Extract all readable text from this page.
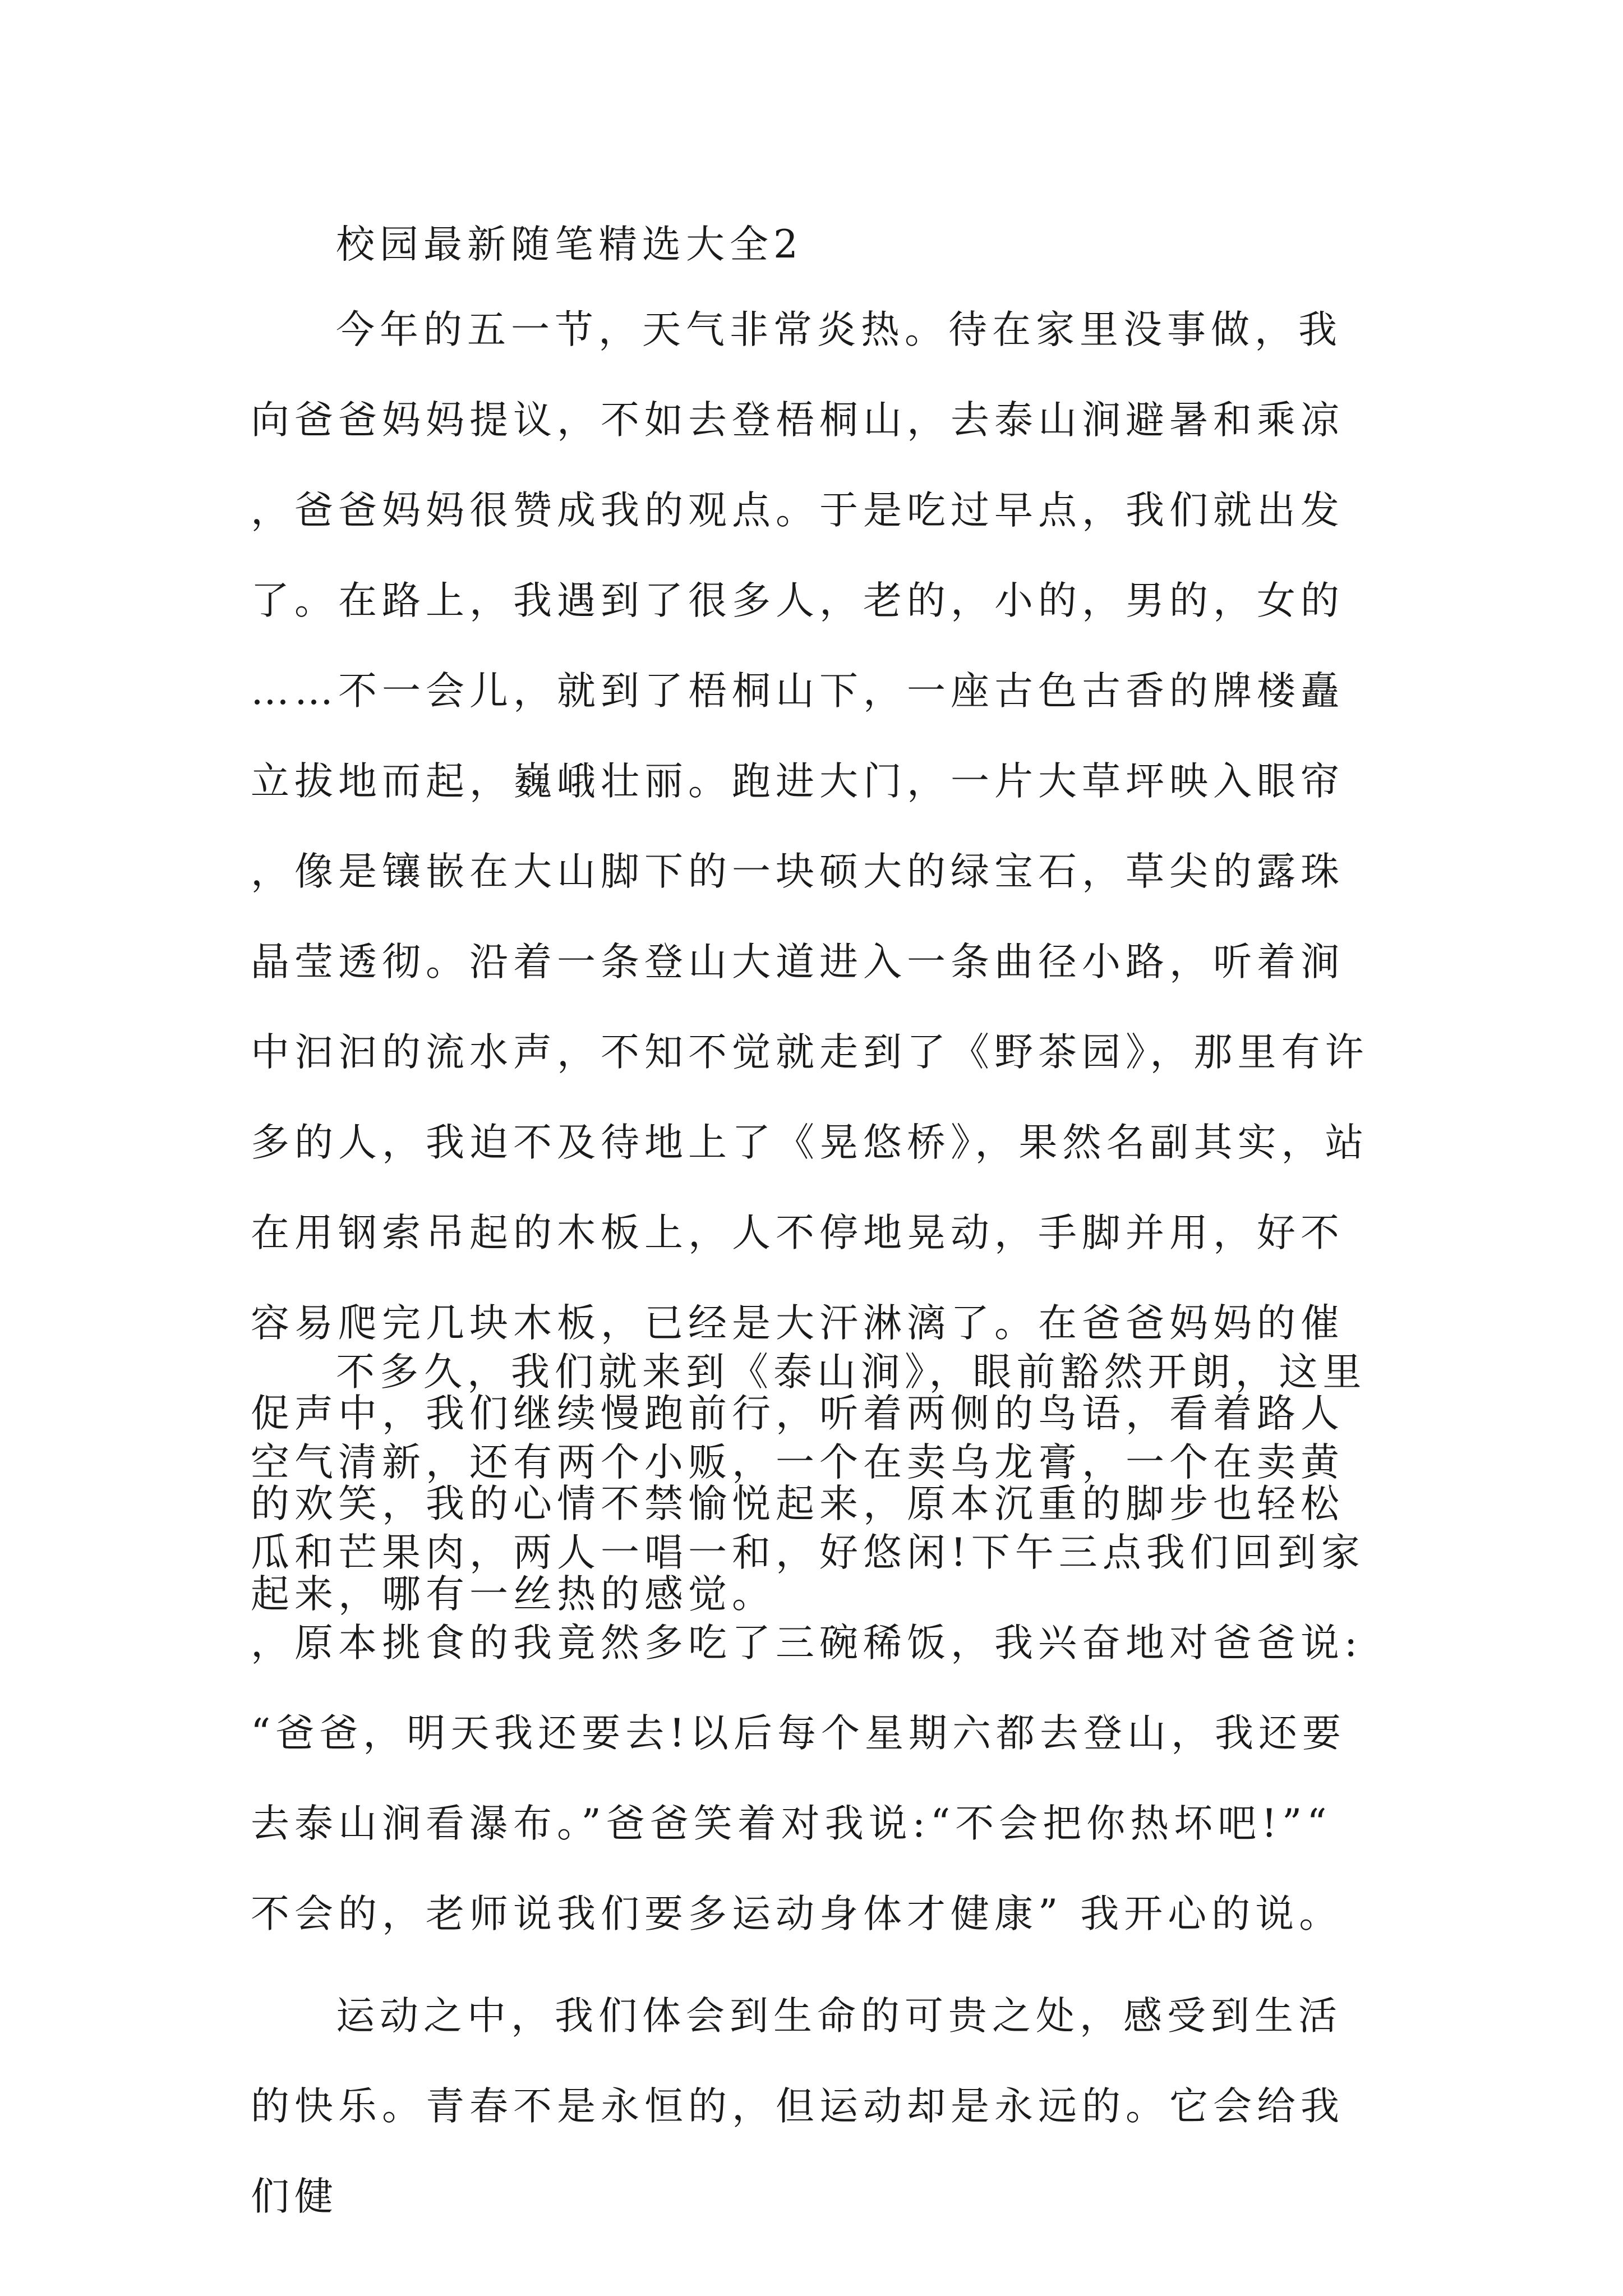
校园最新随笔精选大全2

今年的五一节，天气非常炎热。待在家里没事做，我向爸爸妈妈提议，不如去登梧桐山，去泰山涧避暑和乘凉，爸爸妈妈很赞成我的观点。于是吃过早点，我们就出发了。在路上，我遇到了很多人，老的，小的，男的，女的……不一会儿，就到了梧桐山下，一座古色古香的牌楼矗立拔地而起，巍峨壮丽。跑进大门，一片大草坪映入眼帘，像是镶嵌在大山脚下的一块硕大的绿宝石，草尖的露珠晶莹透彻。沿着一条登山大道进入一条曲径小路，听着涧中汩汩的流水声，不知不觉就走到了《野茶园》，那里有许多的人，我迫不及待地上了《晃悠桥》，果然名副其实，站在用钢索吊起的木板上，人不停地晃动，手脚并用，好不容易爬完几块木板，已经是大汗淋漓了。在爸爸妈妈的催促声中，我们继续慢跑前行，听着两侧的鸟语，看着路人的欢笑，我的心情不禁愉悦起来，原本沉重的脚步也轻松起来，哪有一丝热的感觉。

不多久，我们就来到《泰山涧》，眼前豁然开朗，这里空气清新，还有两个小贩，一个在卖乌龙膏，一个在卖黄瓜和芒果肉，两人一唱一和，好悠闲!下午三点我们回到家，原本挑食的我竟然多吃了三碗稀饭，我兴奋地对爸爸说:“爸爸，明天我还要去!以后每个星期六都去登山，我还要去泰山涧看瀑布。”爸爸笑着对我说:“不会把你热坏吧!”“不会的，老师说我们要多运动身体才健康” 我开心的说。

运动之中，我们体会到生命的可贵之处，感受到生活的快乐。青春不是永恒的，但运动却是永远的。它会给我们健
